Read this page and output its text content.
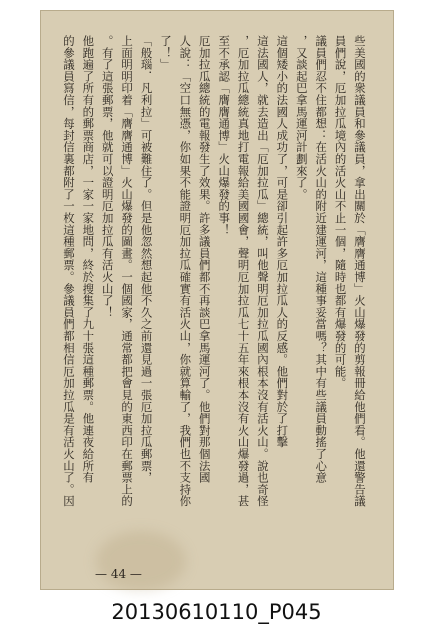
些美國的衆議員和參議員，拿出關於「膺膺通博」火山爆發的剪報冊給他們看。他還警告議

員們說，厄加拉瓜境內的活火山不止一個，隨時也都有爆發的可能。

議員們忍不住都想：在活火山的附近建運河，這種事妥當嗎？其中有些議員動搖了心意

，又談起巴拿馬運河計劃來了。

這個矮小的法國人成功了，可是卻引起許多厄加拉瓜人的反感。他們對於了打擊

這法國人，就去造出「厄加拉瓜」總統，叫他聲明厄加拉瓜國內根本沒有活火山。說也奇怪

，厄加拉瓜總統真地打電報給美國國會，聲明厄加拉瓜七十五年來根本沒有火山爆發過，甚

至不承認「膺膺通博」火山爆發的事！

厄加拉瓜總統的電報發生了效果。許多議員們都不再談巴拿馬運河了。他們對那個法國

人說：「空口無憑，你如果不能證明厄加拉瓜確實有活火山，你就算輸了，我們也不支持你

了！」

「般瑙．凡利拉」可被難住了。但是他忽然想起他不久之前還見過一張厄加拉瓜郵票，

上面明明印着「膺膺通博」火山爆發的圖畫。一個國家，通常都把會見的東西印在郵票上的

。有了這張郵票，他就可以證明厄加拉瓜有活火山了！

他跑遍了所有的郵票商店，一家一家地問，終於搜集了九十張這種郵票。他連夜給所有

的參議員寫信，每封信裏都附了一枚這種郵票。參議員們都相信厄加拉瓜是有活火山了。因

— 44 —
20130610110_P045
